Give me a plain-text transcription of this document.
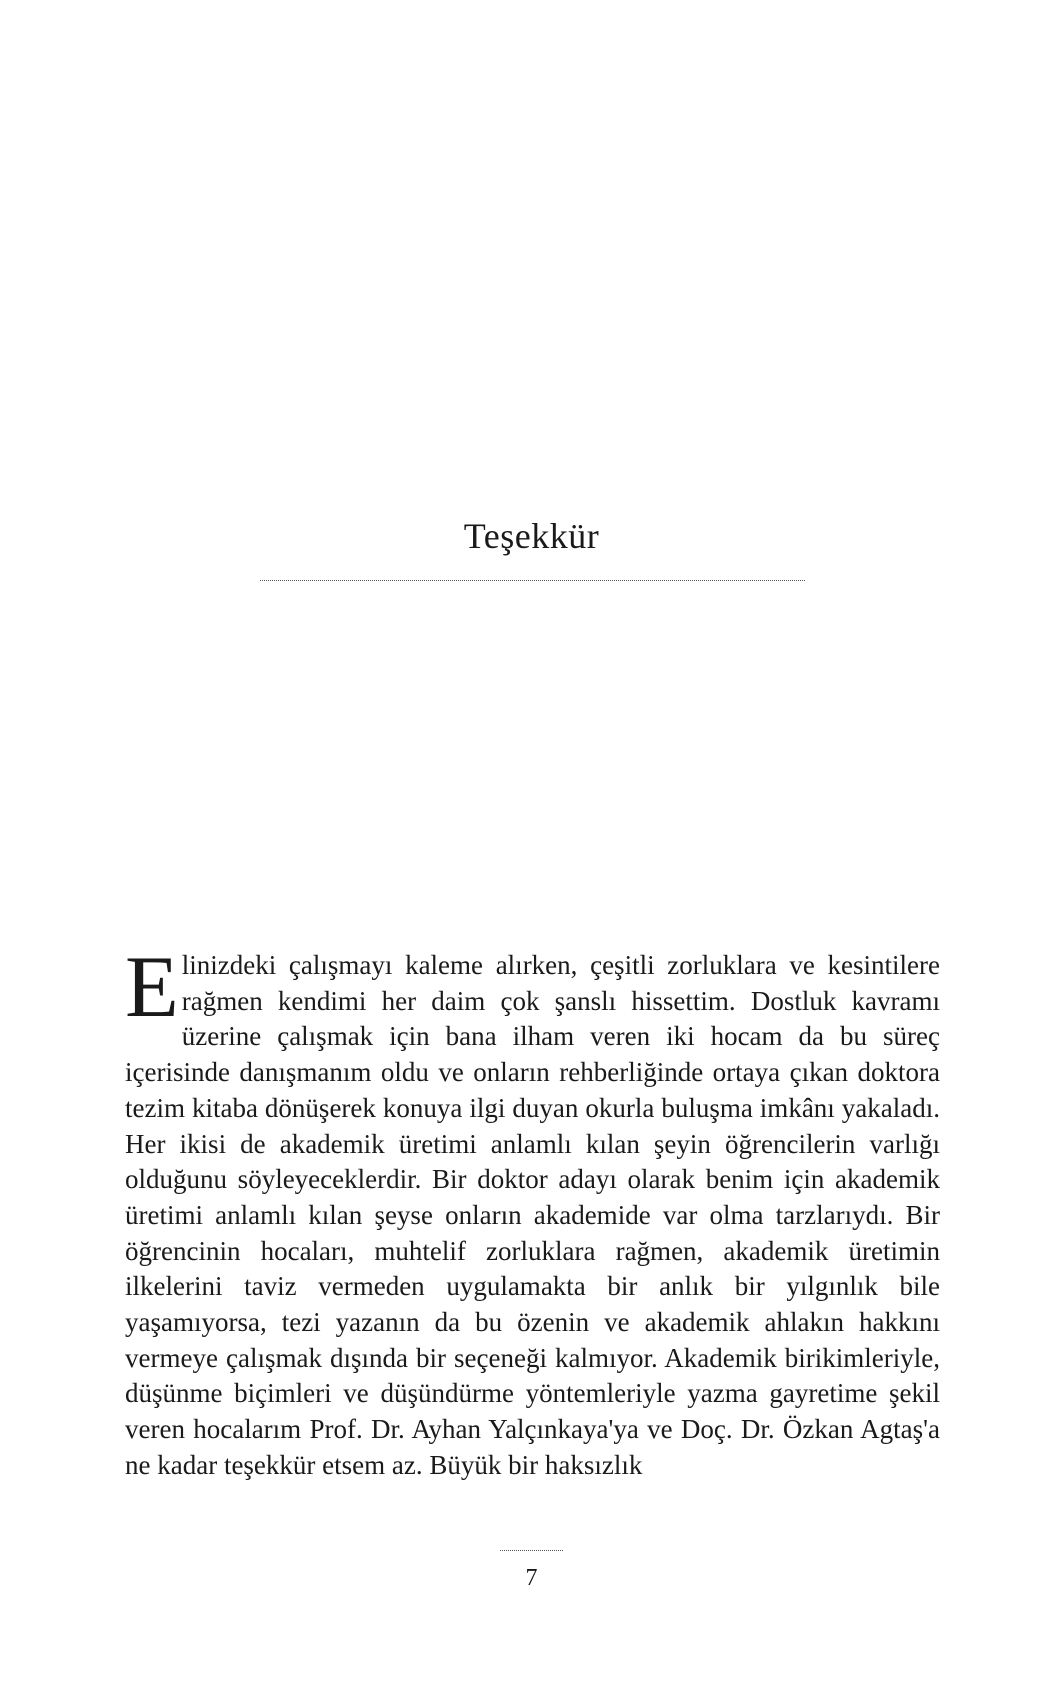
Teşekkür

Elinizdeki çalışmayı kaleme alırken, çeşitli zorluklara ve kesintilere rağmen kendimi her daim çok şanslı hissettim. Dostluk kavramı üzerine çalışmak için bana ilham veren iki hocam da bu süreç içerisinde danışmanım oldu ve onların rehberliğinde ortaya çıkan doktora tezim kitaba dönüşerek konuya ilgi duyan okurla buluşma imkânı yakaladı. Her ikisi de akademik üretimi anlamlı kılan şeyin öğrencilerin varlığı olduğunu söyleyeceklerdir. Bir doktor adayı olarak benim için akademik üretimi anlamlı kılan şeyse onların akademide var olma tarzlarıydı. Bir öğrencinin hocaları, muhtelif zorluklara rağmen, akademik üretimin ilkelerini taviz vermeden uygulamakta bir anlık bir yılgınlık bile yaşamıyorsa, tezi yazanın da bu özenin ve akademik ahlakın hakkını vermeye çalışmak dışında bir seçeneği kalmıyor. Akademik birikimleriyle, düşünme biçimleri ve düşündürme yöntemleriyle yazma gayretime şekil veren hocalarım Prof. Dr. Ayhan Yalçınkaya'ya ve Doç. Dr. Özkan Agtaş'a ne kadar teşekkür etsem az. Büyük bir haksızlık

7
